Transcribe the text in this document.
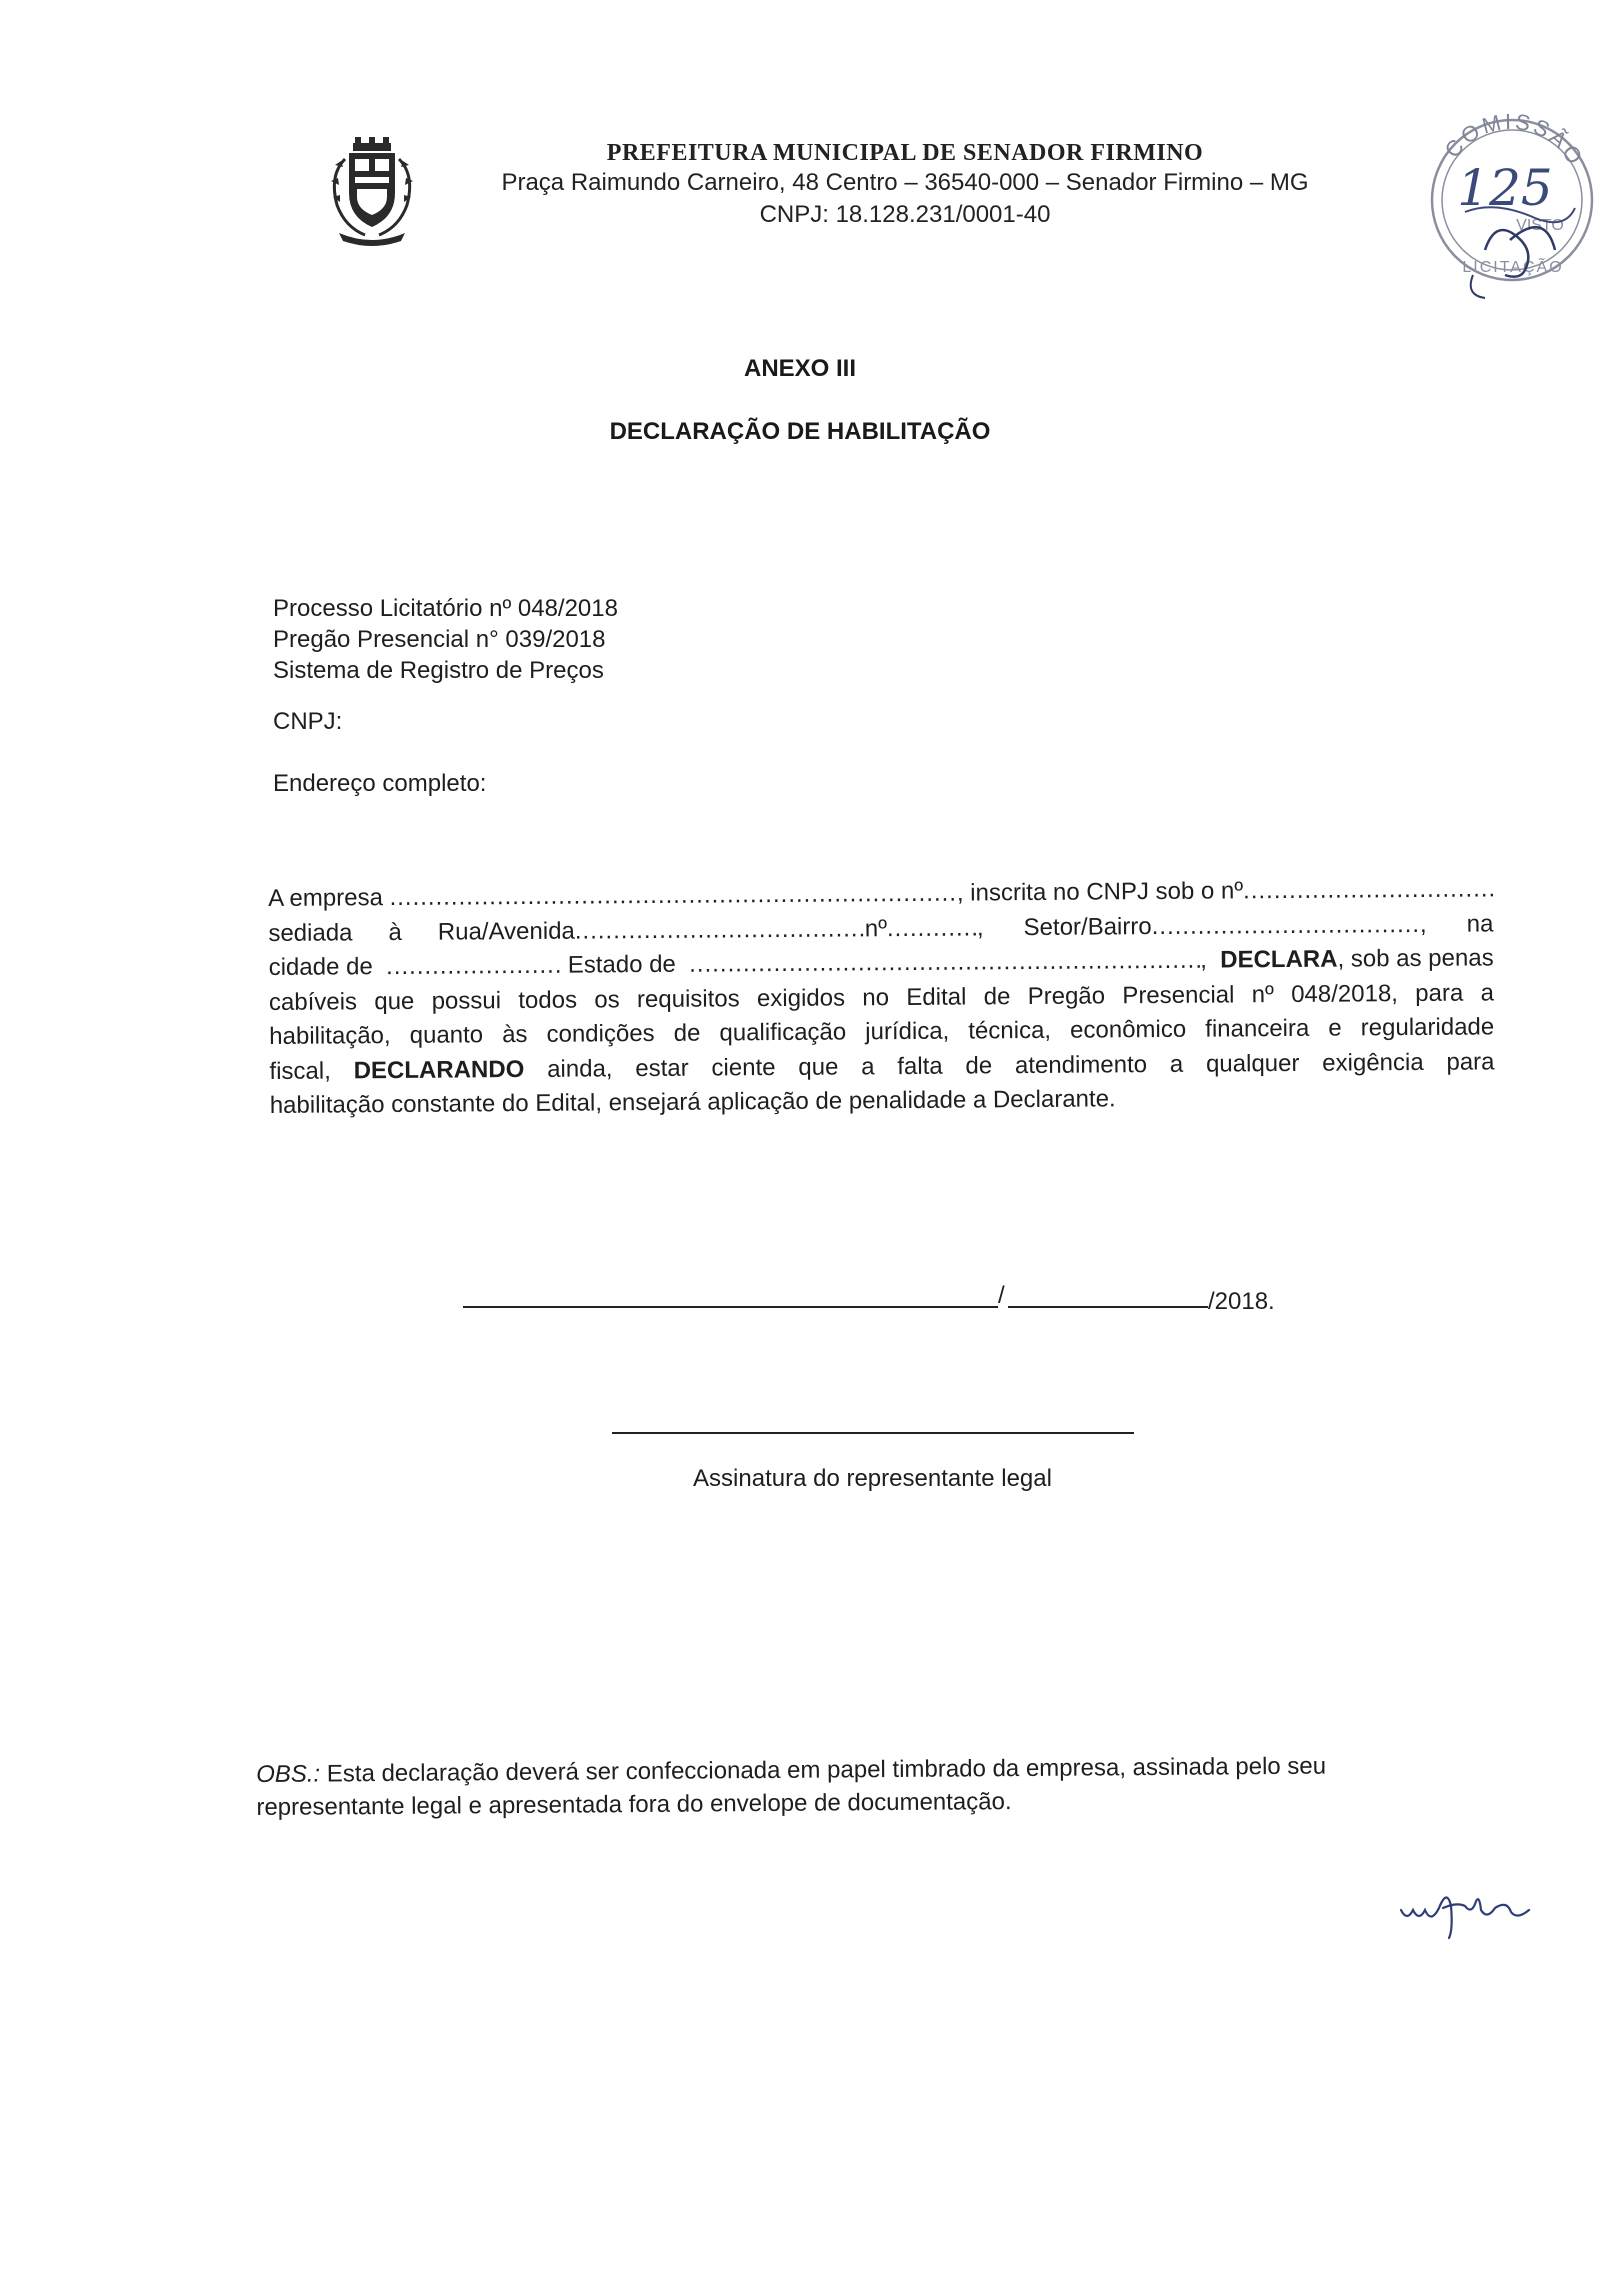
PREFEITURA MUNICIPAL DE SENADOR FIRMINO
Praça Raimundo Carneiro, 48 Centro – 36540-000 – Senador Firmino – MG
CNPJ: 18.128.231/0001-40
COMISSÃO
LICITAÇÃO
VISTO
125
ANEXO III
DECLARAÇÃO DE HABILITAÇÃO
Processo Licitatório nº 048/2018
Pregão Presencial n° 039/2018
Sistema de Registro de Preços
CNPJ:
Endereço completo:
A empresa
.....	, inscrita no CNPJ sob o nº
.....
sediada à Rua/Avenida .....	nº .....	, Setor/Bairro .....	, na
cidade de
.....
	Estado de
.....	,
DECLARA , sob as penas
cabíveis que possui todos os requisitos exigidos no Edital de Pregão Presencial nº 048/2018, para a
habilitação, quanto às condições de qualificação jurídica, técnica, econômico financeira e regularidade
fiscal, DECLARANDO ainda, estar ciente que a falta de atendimento a qualquer exigência para
habilitação constante do Edital, ensejará aplicação de penalidade a Declarante.
/	/2018.
Assinatura do representante legal
OBS.: Esta declaração deverá ser confeccionada em papel timbrado da empresa, assinada pelo seu representante legal e apresentada fora do envelope de documentação.
